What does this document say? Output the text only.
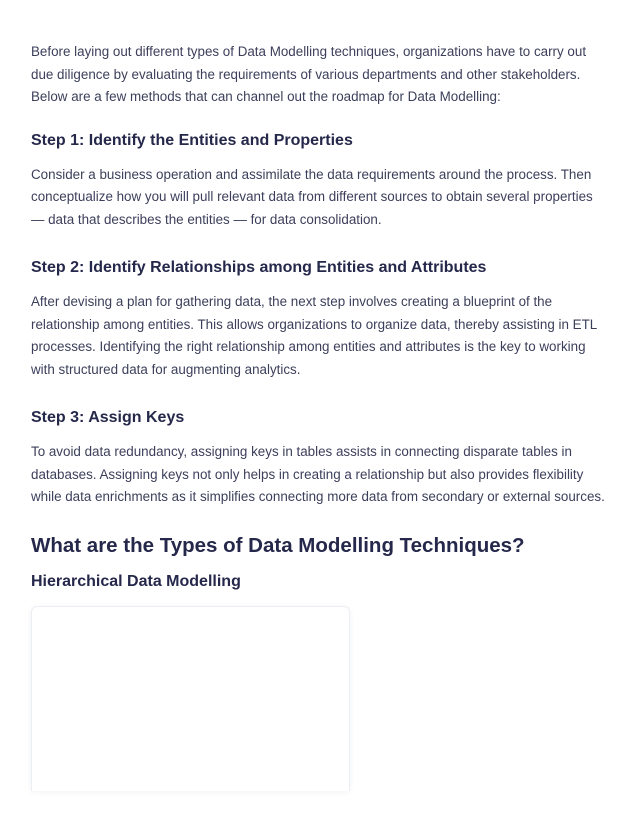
Before laying out different types of Data Modelling techniques, organizations have to carry out due diligence by evaluating the requirements of various departments and other stakeholders. Below are a few methods that can channel out the roadmap for Data Modelling:

Step 1: Identify the Entities and Properties

Consider a business operation and assimilate the data requirements around the process. Then conceptualize how you will pull relevant data from different sources to obtain several properties — data that describes the entities — for data consolidation.

Step 2: Identify Relationships among Entities and Attributes

After devising a plan for gathering data, the next step involves creating a blueprint of the relationship among entities. This allows organizations to organize data, thereby assisting in ETL processes. Identifying the right relationship among entities and attributes is the key to working with structured data for augmenting analytics.

Step 3: Assign Keys

To avoid data redundancy, assigning keys in tables assists in connecting disparate tables in databases. Assigning keys not only helps in creating a relationship but also provides flexibility while data enrichments as it simplifies connecting more data from secondary or external sources.

What are the Types of Data Modelling Techniques?
Hierarchical Data Modelling
